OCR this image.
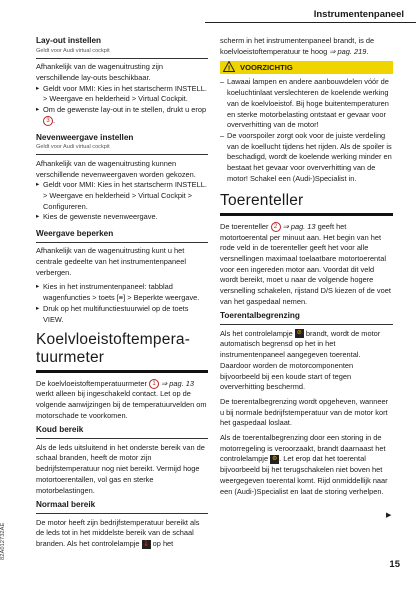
Instrumentenpaneel
Lay-out instellen
Geldt voor Audi virtual cockpit

Afhankelijk van de wagenuitrusting zijn verschillende lay-outs beschikbaar.

▸ Geldt voor MMI: Kies in het startscherm INSTELL. > Weergave en helderheid > Virtual Cockpit.
▸ Om de gewenste lay-out in te stellen, drukt u erop 3 .
Nevenweergave instellen
Geldt voor Audi virtual cockpit

Afhankelijk van de wagenuitrusting kunnen verschillende nevenweergaven worden gekozen.

▸ Geldt voor MMI: Kies in het startscherm INSTELL. > Weergave en helderheid > Virtual Cockpit > Configureren.
▸ Kies de gewenste nevenweergave.
Weergave beperken

Afhankelijk van de wagenuitrusting kunt u het centrale gedeelte van het instrumentenpaneel verbergen.

▸ Kies in het instrumentenpaneel: tabblad wagenfuncties > toets [≡] > Beperkte weergave.
▸ Druk op het multifunctiestuurwiel op de toets VIEW.
Koelvloeistoftempera-
tuurmeter

De koelvloeistoftemperatuurmeter 1 ⇒ pag. 13 werkt alleen bij ingeschakeld contact. Let op de volgende aanwijzingen bij de temperatuurvelden om motorschade te voorkomen.

Koud bereik

Als de leds uitsluitend in het onderste bereik van de schaal branden, heeft de motor zijn bedrijfstemperatuur nog niet bereikt. Vermijd hoge motortoerentallen, vol gas en sterke motorbelastingen.

Normaal bereik

De motor heeft zijn bedrijfstemperatuur bereikt als de leds tot in het middelste bereik van de schaal branden. Als het controlelampje 🌡 op het

scherm in het instrumentenpaneel brandt, is de koelvloeistoftemperatuur te hoog ⇒ pag. 219.

! VOORZICHTIG
– Lawaai lampen en andere aanbouwdelen vóór de koeluchtinlaat verslechteren de koelende werking van de koelvloeistof. Bij hoge buitentemperaturen en sterke motorbelasting ontstaat er gevaar voor oververhitting van de motor!
– De voorspoiler zorgt ook voor de juiste verdeling van de koellucht tijdens het rijden. Als de spoiler is beschadigd, wordt de koelende werking minder en bestaat het gevaar voor oververhitting van de motor! Schakel een (Audi-)Specialist in.
Toerenteller

De toerenteller 2 ⇒ pag. 13 geeft het motortoerental per minuut aan. Het begin van het rode veld in de toerenteller geeft het voor alle versnellingen maximaal toelaatbare motortoerental voor een ingereden motor aan. Voordat dit veld wordt bereikt, moet u naar de volgende hogere versnelling schakelen, rijstand D/S kiezen of de voet van het gaspedaal nemen.

Toerentalbegrenzing

Als het controlelampje ⊘ brandt, wordt de motor automatisch begrensd op het in het instrumentenpaneel aangegeven toerental. Daardoor worden de motorcomponenten bijvoorbeeld bij een koude start of tegen oververhitting beschermd.

De toerentalbegrenzing wordt opgeheven, wanneer u bij normale bedrijfstemperatuur van de motor kort het gaspedaal loslaat.

Als de toerentalbegrenzing door een storing in de motorregeling is veroorzaakt, brandt daarnaast het controlelampje ⚙ . Let erop dat het toerental bijvoorbeeld bij het terugschakelen niet boven het weergegeven toerental komt. Rijd onmiddellijk naar een (Audi-)Specialist en laat de storing verhelpen.

▶
15
82A012732AE
